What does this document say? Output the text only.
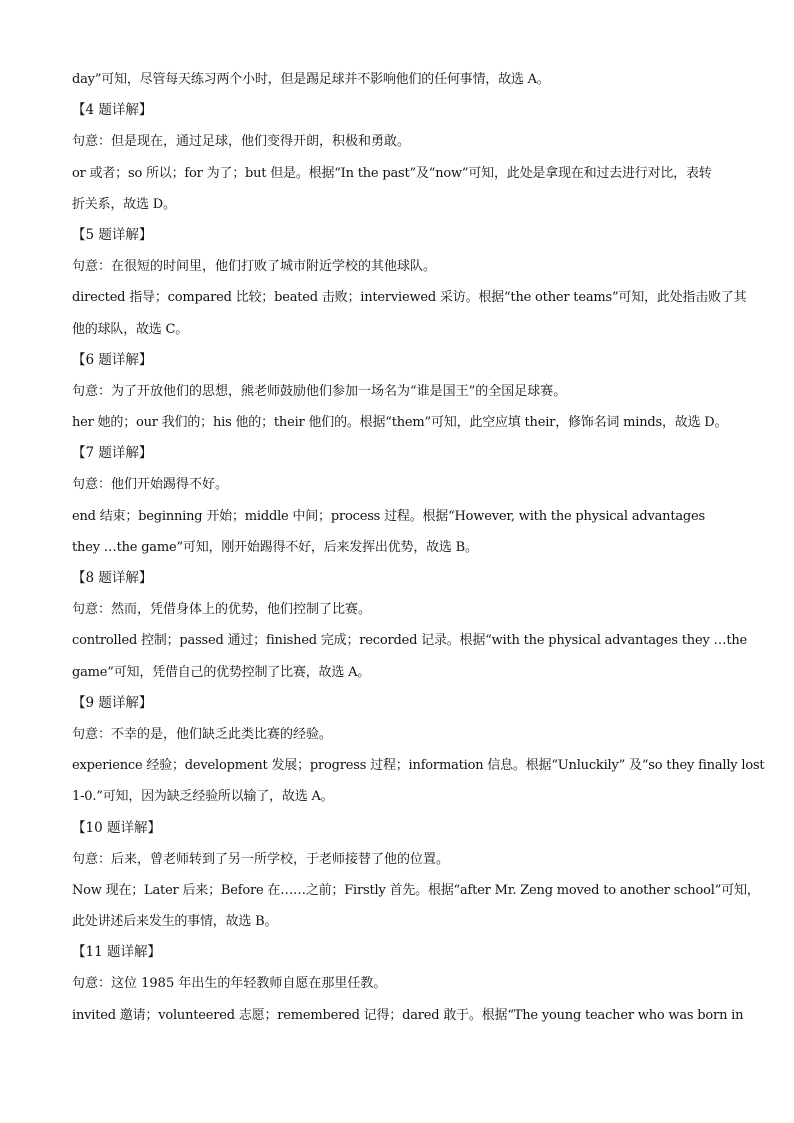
day”可知，尽管每天练习两个小时，但是踢足球并不影响他们的任何事情，故选 A。
【4 题详解】
句意：但是现在，通过足球，他们变得开朗，积极和勇敢。
or 或者；so 所以；for 为了；but 但是。根据“In the past”及“now”可知，此处是拿现在和过去进行对比，表转
折关系，故选 D。
【5 题详解】
句意：在很短的时间里，他们打败了城市附近学校的其他球队。
directed 指导；compared 比较；beated 击败；interviewed 采访。根据“the other teams”可知，此处指击败了其
他的球队，故选 C。
【6 题详解】
句意：为了开放他们的思想，熊老师鼓励他们参加一场名为“谁是国王”的全国足球赛。
her 她的；our 我们的；his 他的；their 他们的。根据“them”可知，此空应填 their，修饰名词 minds，故选 D。
【7 题详解】
句意：他们开始踢得不好。
end 结束；beginning 开始；middle 中间；process 过程。根据“However, with the physical advantages
they …the game”可知，刚开始踢得不好，后来发挥出优势，故选 B。
【8 题详解】
句意：然而，凭借身体上的优势，他们控制了比赛。
controlled 控制；passed 通过；finished 完成；recorded 记录。根据“with the physical advantages they …the
game”可知，凭借自己的优势控制了比赛，故选 A。
【9 题详解】
句意：不幸的是，他们缺乏此类比赛的经验。
experience 经验；development 发展；progress 过程；information 信息。根据“Unluckily” 及“so they finally lost
1-0.”可知，因为缺乏经验所以输了，故选 A。
【10 题详解】
句意：后来，曾老师转到了另一所学校，于老师接替了他的位置。
Now 现在；Later 后来；Before 在……之前；Firstly 首先。根据“after Mr. Zeng moved to another school”可知，
此处讲述后来发生的事情，故选 B。
【11 题详解】
句意：这位 1985 年出生的年轻教师自愿在那里任教。
invited 邀请；volunteered 志愿；remembered 记得；dared 敢于。根据“The young teacher who was born in
